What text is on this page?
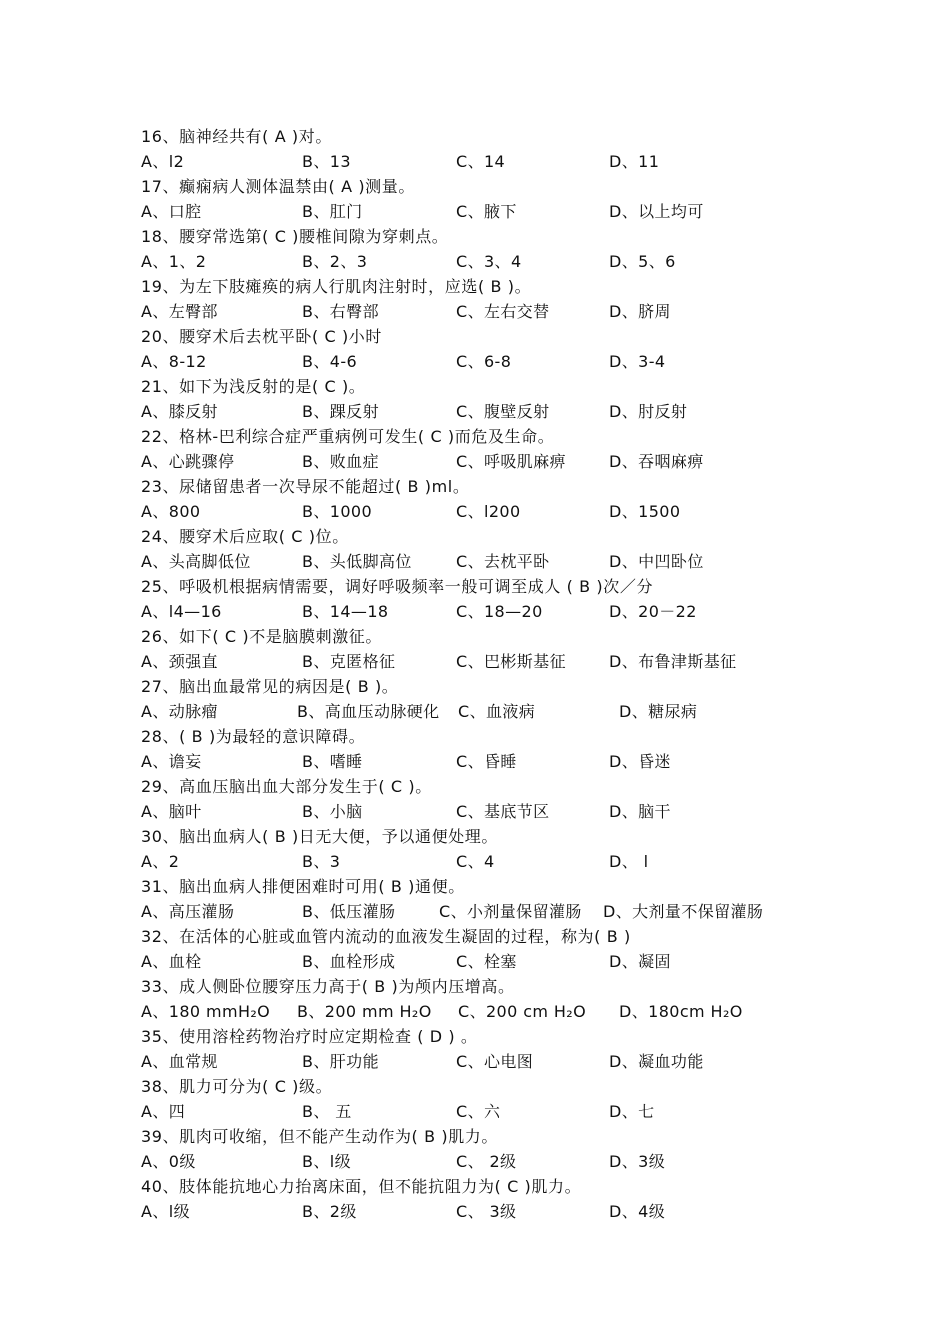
16、脑神经共有( A )对。
A、l2	B、13	C、14	D、11
17、癫痫病人测体温禁由( A )测量。
A、口腔	B、肛门	C、腋下	D、以上均可
18、腰穿常选第( C )腰椎间隙为穿刺点。
A、1、2	B、2、3	C、3、4	D、5、6
19、为左下肢瘫痪的病人行肌肉注射时，应选( B )。
A、左臀部	B、右臀部	C、左右交替	D、脐周
20、腰穿术后去枕平卧( C )小时
A、8-12	B、4-6	C、6-8	D、3-4
21、如下为浅反射的是( C )。
A、膝反射	B、踝反射	C、腹壁反射	D、肘反射
22、格林-巴利综合症严重病例可发生( C )而危及生命。
A、心跳骤停	B、败血症	C、呼吸肌麻痹	D、吞咽麻痹
23、尿储留患者一次导尿不能超过( B )ml。
A、800	B、1000	C、l200	D、1500
24、腰穿术后应取( C )位。
A、头高脚低位	B、头低脚高位	C、去枕平卧	D、中凹卧位
25、呼吸机根据病情需要，调好呼吸频率一般可调至成人 ( B )次／分
A、l4—16	B、14—18	C、18—20	D、20－22
26、如下( C )不是脑膜刺激征。
A、颈强直	B、克匿格征	C、巴彬斯基征	D、布鲁津斯基征
27、脑出血最常见的病因是( B )。
A、动脉瘤	B、高血压动脉硬化 C、血液病	D、糖尿病
28、( B )为最轻的意识障碍。
A、谵妄	B、嗜睡	C、昏睡	D、昏迷
29、高血压脑出血大部分发生于( C )。
A、脑叶	B、小脑	C、基底节区	D、脑干
30、脑出血病人( B )日无大便，予以通便处理。
A、2	B、3	C、4	D、 l
31、脑出血病人排便困难时可用( B )通便。
A、高压灌肠	B、低压灌肠	C、小剂量保留灌肠 D、大剂量不保留灌肠
32、在活体的心脏或血管内流动的血液发生凝固的过程，称为( B )
A、血栓	B、血栓形成	C、栓塞	D、凝固
33、成人侧卧位腰穿压力高于( B )为颅内压增高。
A、180 mmH₂O B、200 mm H₂O C、200 cm H₂O D、180cm H₂O
35、使用溶栓药物治疗时应定期检查 ( D ) 。
A、血常规	B、肝功能	C、心电图	D、凝血功能
38、肌力可分为( C )级。
A、四	B、 五	C、六	D、七
39、肌肉可收缩，但不能产生动作为( B )肌力。
A、0级	B、l级	C、 2级	D、3级
40、肢体能抗地心力抬离床面，但不能抗阻力为( C )肌力。
A、l级	B、2级	C、 3级	D、4级
